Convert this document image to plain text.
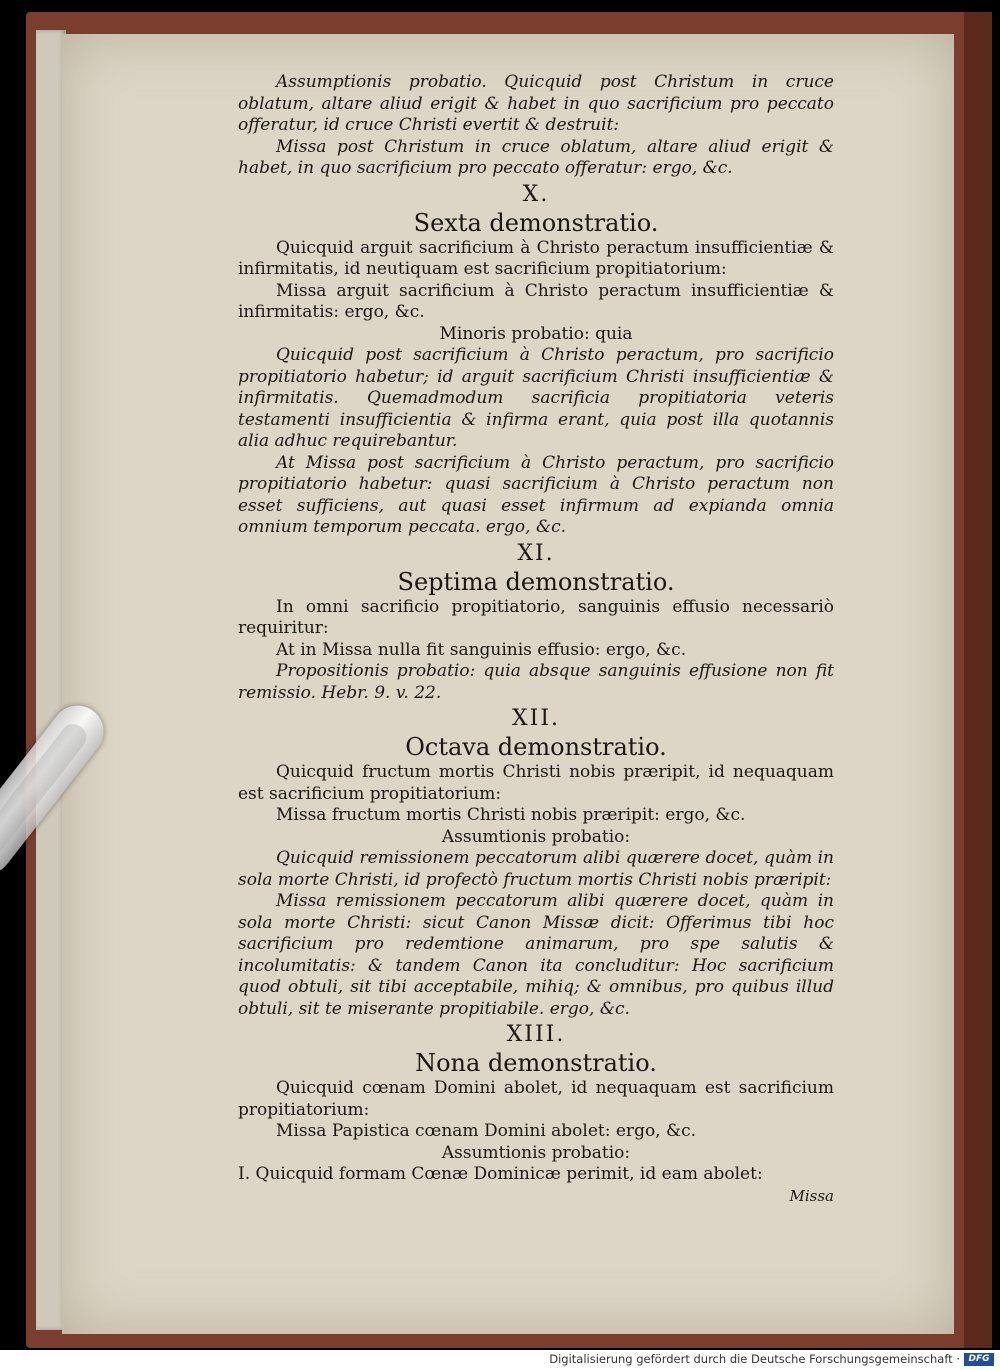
Assumptionis probatio. Quicquid post Christum in cruce oblatum, altare aliud erigit & habet in quo sacrificium pro peccato offeratur, id cruce Christi evertit & destruit:

Missa post Christum in cruce oblatum, altare aliud erigit & habet, in quo sacrificium pro peccato offeratur: ergo, &c.

X.
Sexta demonstratio.

Quicquid arguit sacrificium à Christo peractum insufficientiæ & infirmitatis, id neutiquam est sacrificium propitiatorium:

Missa arguit sacrificium à Christo peractum insufficientiæ & infirmitatis: ergo, &c.

Minoris probatio: quia

Quicquid post sacrificium à Christo peractum, pro sacrificio propitiatorio habetur; id arguit sacrificium Christi insufficientiæ & infirmitatis. Quemadmodum sacrificia propitiatoria veteris testamenti insufficientia & infirma erant, quia post illa quotannis alia adhuc requirebantur.

At Missa post sacrificium à Christo peractum, pro sacrificio propitiatorio habetur: quasi sacrificium à Christo peractum non esset sufficiens, aut quasi esset infirmum ad expianda omnia omnium temporum peccata. ergo, &c.

XI.
Septima demonstratio.

In omni sacrificio propitiatorio, sanguinis effusio necessariò requiritur:

At in Missa nulla fit sanguinis effusio: ergo, &c.

Propositionis probatio: quia absque sanguinis effusione non fit remissio. Hebr. 9. v. 22.

XII.
Octava demonstratio.

Quicquid fructum mortis Christi nobis præripit, id nequaquam est sacrificium propitiatorium:

Missa fructum mortis Christi nobis præripit: ergo, &c.

Assumtionis probatio:

Quicquid remissionem peccatorum alibi quærere docet, quàm in sola morte Christi, id profectò fructum mortis Christi nobis præripit:

Missa remissionem peccatorum alibi quærere docet, quàm in sola morte Christi: sicut Canon Missæ dicit: Offerimus tibi hoc sacrificium pro redemtione animarum, pro spe salutis & incolumitatis: & tandem Canon ita concluditur: Hoc sacrificium quod obtuli, sit tibi acceptabile, mihiq; & omnibus, pro quibus illud obtuli, sit te miserante propitiabile. ergo, &c.

XIII.
Nona demonstratio.

Quicquid cœnam Domini abolet, id nequaquam est sacrificium propitiatorium:

Missa Papistica cœnam Domini abolet: ergo, &c.

Assumtionis probatio:

I. Quicquid formam Cœnæ Dominicæ perimit, id eam abolet:

Missa
Digitalisierung gefördert durch die Deutsche Forschungsgemeinschaft · DFG
